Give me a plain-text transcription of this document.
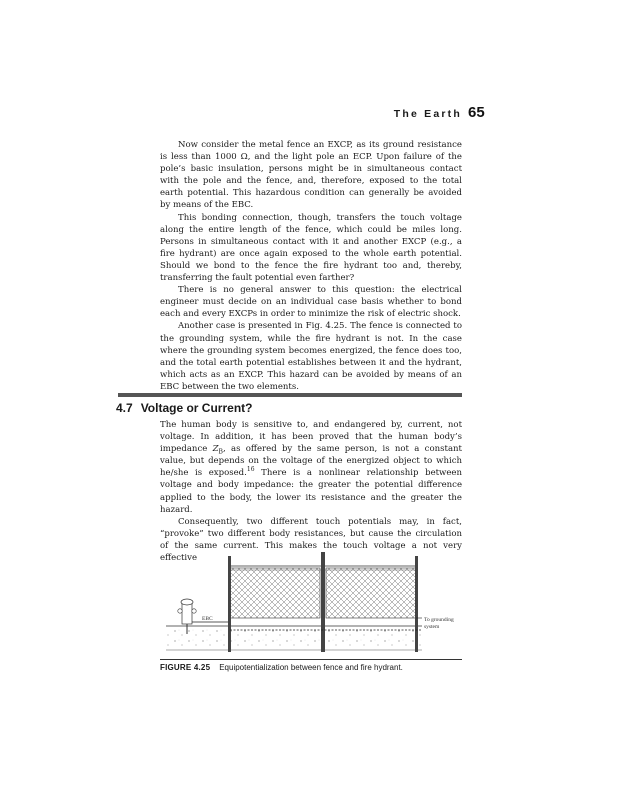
The Earth 65

Now consider the metal fence an EXCP, as its ground resistance is less than 1000 Ω, and the light pole an ECP. Upon failure of the pole’s basic insulation, persons might be in simultaneous contact with the pole and the fence, and, therefore, exposed to the total earth potential. This hazardous condition can generally be avoided by means of the EBC.

This bonding connection, though, transfers the touch voltage along the entire length of the fence, which could be miles long. Persons in simultaneous contact with it and another EXCP (e.g., a fire hydrant) are once again exposed to the whole earth potential. Should we bond to the fence the fire hydrant too and, thereby, transferring the fault potential even farther?

There is no general answer to this question: the electrical engineer must decide on an individual case basis whether to bond each and every EXCPs in order to minimize the risk of electric shock.

Another case is presented in Fig. 4.25. The fence is connected to the grounding system, while the fire hydrant is not. In the case where the grounding system becomes energized, the fence does too, and the total earth potential establishes between it and the hydrant, which acts as an EXCP. This hazard can be avoided by means of an EBC between the two elements.

4.7 Voltage or Current?

The human body is sensitive to, and endangered by, current, not voltage. In addition, it has been proved that the human body’s impedance $Z_B$, as offered by the same person, is not a constant value, but depends on the voltage of the energized object to which he/she is exposed.$^{16}$ There is a nonlinear relationship between voltage and body impedance: the greater the potential difference applied to the body, the lower its resistance and the greater the hazard.

Consequently, two different touch potentials may, in fact, “provoke” two different body resistances, but cause the circulation of the same current. This makes the touch voltage a not very effective

EBC	To grounding
system
FIGURE 4.25 Equipotentialization between fence and fire hydrant.
